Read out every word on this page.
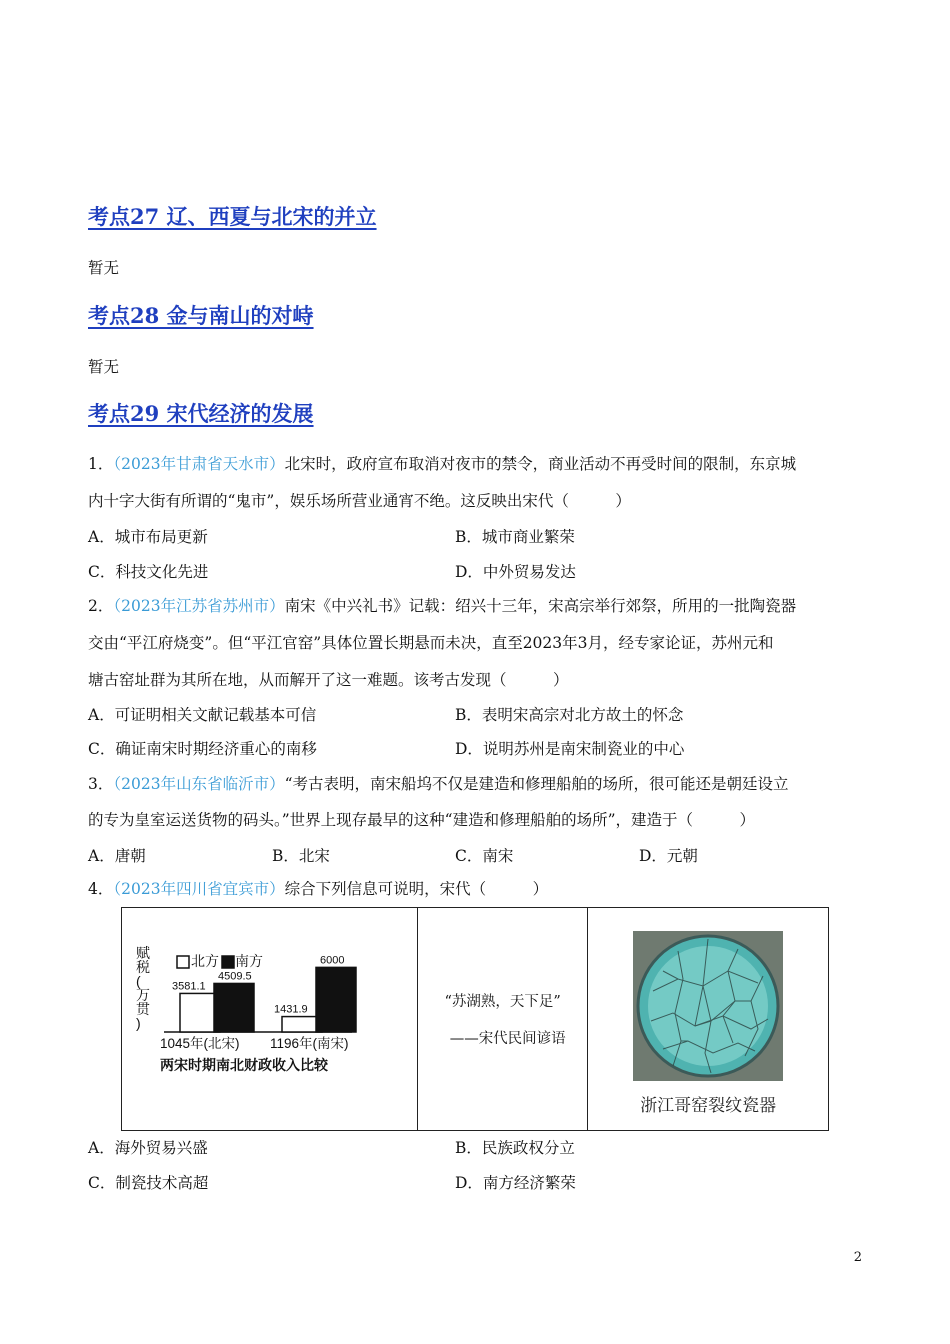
考点27 辽、西夏与北宋的并立
暂无
考点28 金与南山的对峙
暂无
考点29 宋代经济的发展
1．（2023年甘肃省天水市）北宋时，政府宣布取消对夜市的禁令，商业活动不再受时间的限制，东京城
内十字大街有所谓的“鬼市”，娱乐场所营业通宵不绝。这反映出宋代（　　　）
A．城市布局更新	B．城市商业繁荣
C．科技文化先进	D．中外贸易发达
2．（2023年江苏省苏州市）南宋《中兴礼书》记载：绍兴十三年，宋高宗举行郊祭，所用的一批陶瓷器
交由“平江府烧变”。但“平江官窑”具体位置长期悬而未决，直至2023年3月，经专家论证，苏州元和
塘古窑址群为其所在地，从而解开了这一难题。该考古发现（　　　）
A．可证明相关文献记载基本可信	B．表明宋高宗对北方故土的怀念
C．确证南宋时期经济重心的南移	D．说明苏州是南宋制瓷业的中心
3．（2023年山东省临沂市）“考古表明，南宋船坞不仅是建造和修理船舶的场所，很可能还是朝廷设立
的专为皇室运送货物的码头。”世界上现存最早的这种“建造和修理船舶的场所”，建造于（　　　）
A．唐朝	B．北宋	C．南宋	D．元朝
4．（2023年四川省宜宾市）综合下列信息可说明，宋代（　　　）
赋税(万贯)
北方 南方
3581.1
4509.5
1431.9
6000
1045年(北宋) 1196年(南宋)
两宋时期南北财政收入比较

“苏湖熟，天下足”
——宋代民间谚语

浙江哥窑裂纹瓷器
A．海外贸易兴盛	B．民族政权分立
C．制瓷技术高超	D．南方经济繁荣
2
